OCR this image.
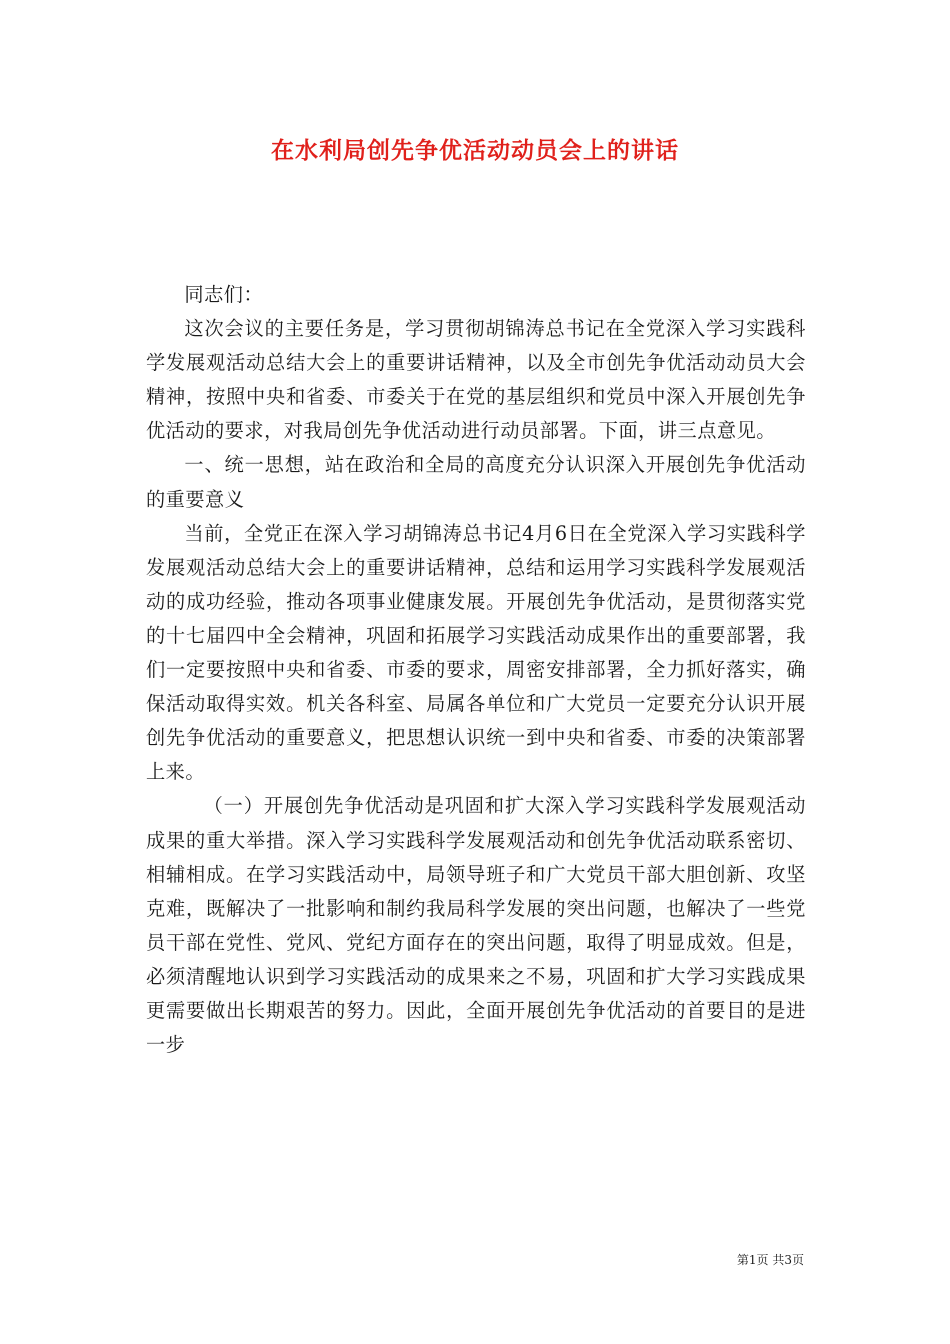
在水利局创先争优活动动员会上的讲话

同志们：

这次会议的主要任务是，学习贯彻胡锦涛总书记在全党深入学习实践科学发展观活动总结大会上的重要讲话精神，以及全市创先争优活动动员大会精神，按照中央和省委、市委关于在党的基层组织和党员中深入开展创先争优活动的要求，对我局创先争优活动进行动员部署。下面，讲三点意见。

一、统一思想，站在政治和全局的高度充分认识深入开展创先争优活动的重要意义

当前，全党正在深入学习胡锦涛总书记4月6日在全党深入学习实践科学发展观活动总结大会上的重要讲话精神，总结和运用学习实践科学发展观活动的成功经验，推动各项事业健康发展。开展创先争优活动，是贯彻落实党的十七届四中全会精神，巩固和拓展学习实践活动成果作出的重要部署，我们一定要按照中央和省委、市委的要求，周密安排部署，全力抓好落实，确保活动取得实效。机关各科室、局属各单位和广大党员一定要充分认识开展创先争优活动的重要意义，把思想认识统一到中央和省委、市委的决策部署上来。

（一）开展创先争优活动是巩固和扩大深入学习实践科学发展观活动成果的重大举措。深入学习实践科学发展观活动和创先争优活动联系密切、相辅相成。在学习实践活动中，局领导班子和广大党员干部大胆创新、攻坚克难，既解决了一批影响和制约我局科学发展的突出问题，也解决了一些党员干部在党性、党风、党纪方面存在的突出问题，取得了明显成效。但是，必须清醒地认识到学习实践活动的成果来之不易，巩固和扩大学习实践成果更需要做出长期艰苦的努力。因此，全面开展创先争优活动的首要目的是进一步

第1页 共3页
